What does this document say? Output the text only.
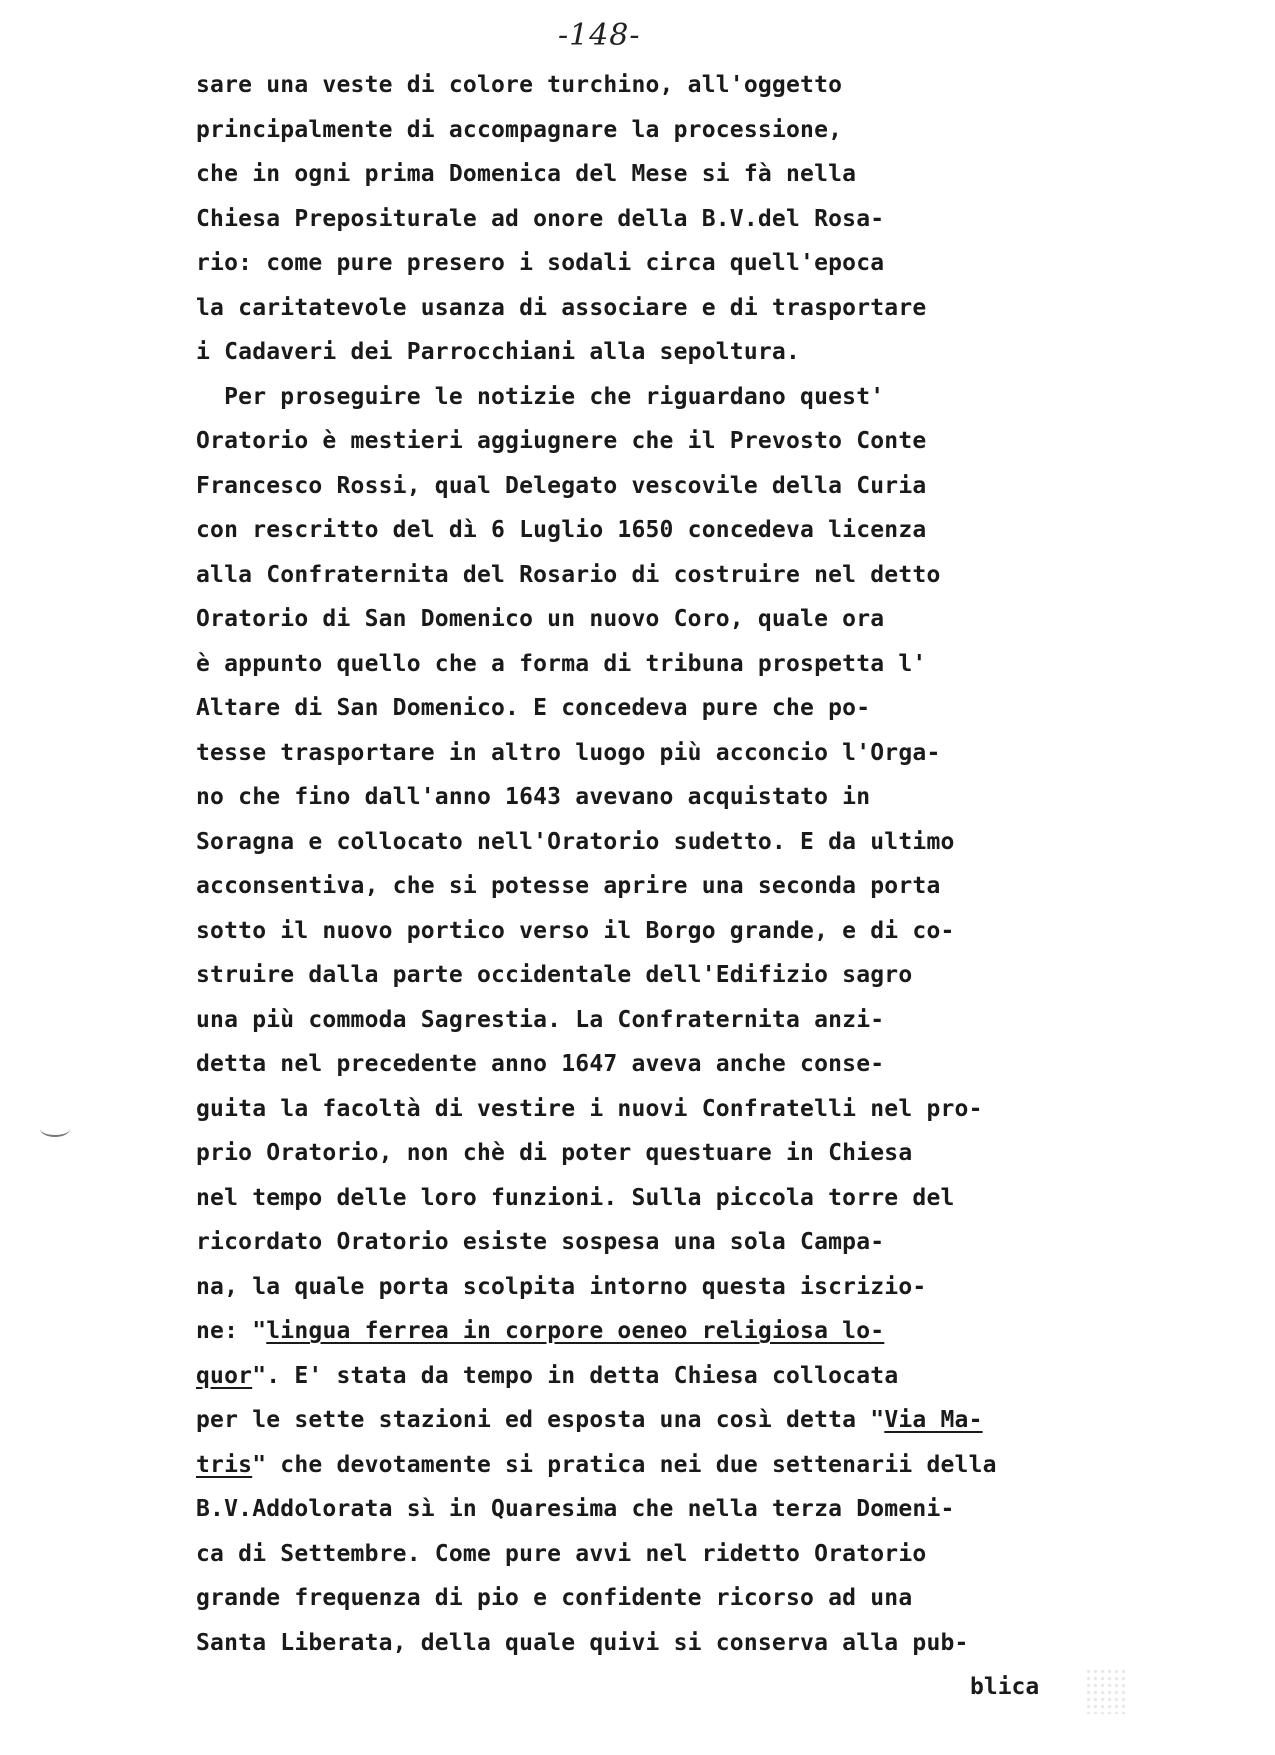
-148-
sare una veste di colore turchino, all'oggetto
principalmente di accompagnare la processione,
che in ogni prima Domenica del Mese si fà nella
Chiesa Prepositurale ad onore della B.V.del Rosa-
rio: come pure presero i sodali circa quell'epoca
la caritatevole usanza di associare e di trasportare
i Cadaveri dei Parrocchiani alla sepoltura.
Per proseguire le notizie che riguardano quest'
Oratorio è mestieri aggiugnere che il Prevosto Conte
Francesco Rossi, qual Delegato vescovile della Curia
con rescritto del dì 6 Luglio 1650 concedeva licenza
alla Confraternita del Rosario di costruire nel detto
Oratorio di San Domenico un nuovo Coro, quale ora
è appunto quello che a forma di tribuna prospetta l'
Altare di San Domenico. E concedeva pure che po-
tesse trasportare in altro luogo più acconcio l'Orga-
no che fino dall'anno 1643 avevano acquistato in
Soragna e collocato nell'Oratorio sudetto. E da ultimo
acconsentiva, che si potesse aprire una seconda porta
sotto il nuovo portico verso il Borgo grande, e di co-
struire dalla parte occidentale dell'Edifizio sagro
una più commoda Sagrestia. La Confraternita anzi-
detta nel precedente anno 1647 aveva anche conse-
guita la facoltà di vestire i nuovi Confratelli nel pro-
prio Oratorio, non chè di poter questuare in Chiesa
nel tempo delle loro funzioni. Sulla piccola torre del
ricordato Oratorio esiste sospesa una sola Campa-
na, la quale porta scolpita intorno questa iscrizio-
ne: "lingua ferrea in corpore oeneo religiosa lo-
quor". E' stata da tempo in detta Chiesa collocata
per le sette stazioni ed esposta una così detta "Via Ma-
tris" che devotamente si pratica nei due settenarii della
B.V.Addolorata sì in Quaresima che nella terza Domeni-
ca di Settembre. Come pure avvi nel ridetto Oratorio
grande frequenza di pio e confidente ricorso ad una
Santa Liberata, della quale quivi si conserva alla pub-
blica
